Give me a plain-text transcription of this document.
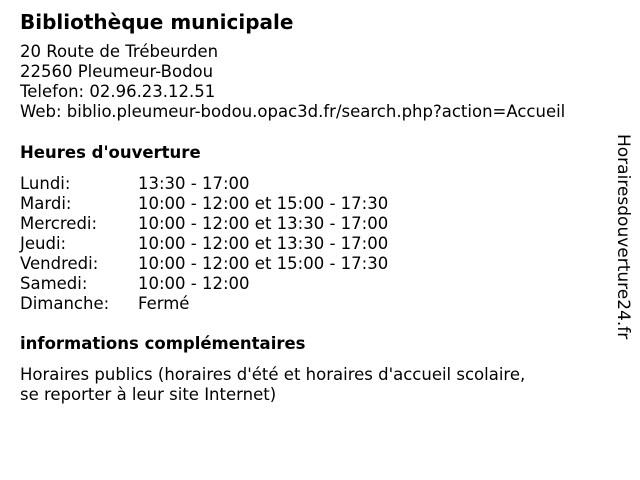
Bibliothèque municipale
20 Route de Trébeurden
22560 Pleumeur-Bodou
Telefon: 02.96.23.12.51
Web: biblio.pleumeur-bodou.opac3d.fr/search.php?action=Accueil
Heures d'ouverture
Lundi:	13:30 - 17:00
Mardi:	10:00 - 12:00 et 15:00 - 17:30
Mercredi:	10:00 - 12:00 et 13:30 - 17:00
Jeudi:	10:00 - 12:00 et 13:30 - 17:00
Vendredi:	10:00 - 12:00 et 15:00 - 17:30
Samedi:	10:00 - 12:00
Dimanche:	Fermé
informations complémentaires
Horaires publics (horaires d'été et horaires d'accueil scolaire, se reporter à leur site Internet)
Horairesdouverture24.fr
